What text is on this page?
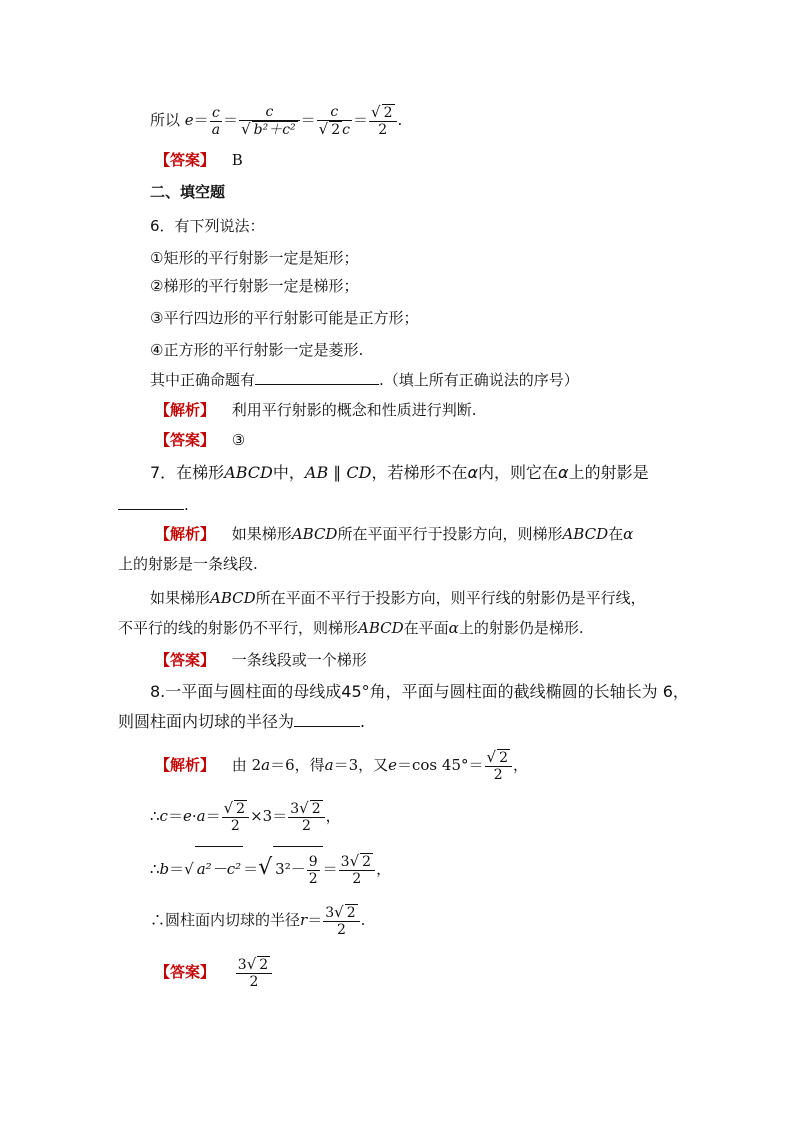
所以 $e= \frac{c}{a} = \frac{c}{\text{√ b²＋c²}} = \frac{c}{√ 2 c} = \frac{√ 2}{2}$ .
【答案】 B
二、填空题
6．有下列说法：
①矩形的平行射影一定是矩形；
②梯形的平行射影一定是梯形；
③平行四边形的平行射影可能是正方形；
④正方形的平行射影一定是菱形.
其中正确命题有	.（填上所有正确说法的序号）
【解析】 利用平行射影的概念和性质进行判断.
【答案】 ③
7．在梯形ABCD中，AB ∥ CD，若梯形不在α内，则它在α上的射影是
.
【解析】 如果梯形ABCD所在平面平行于投影方向，则梯形ABCD在α
上的射影是一条线段.
如果梯形ABCD所在平面不平行于投影方向，则平行线的射影仍是平行线，
不平行的线的射影仍不平行，则梯形ABCD在平面α上的射影仍是梯形.
【答案】 一条线段或一个梯形
8.一平面与圆柱面的母线成45°角，平面与圆柱面的截线椭圆的长轴长为 6，
则圆柱面内切球的半径为	.
【解析】 由 2a＝6，得a＝3，又e＝cos $45^\circ= \frac{√ 2}{2}$ ，
∴c＝e·a＝ $\frac{√ 2}{2} \times 3= \frac{3√ 2}{2}$ ，
∴b＝√ a²－c² ＝√ $3^2- \frac{9}{2} = \frac{3√ 2}{2}$ ，
∴圆柱面内切球的半径$r= \frac{3√ 2}{2}$ .
【答案】 $\frac{3√ 2}{2}$
